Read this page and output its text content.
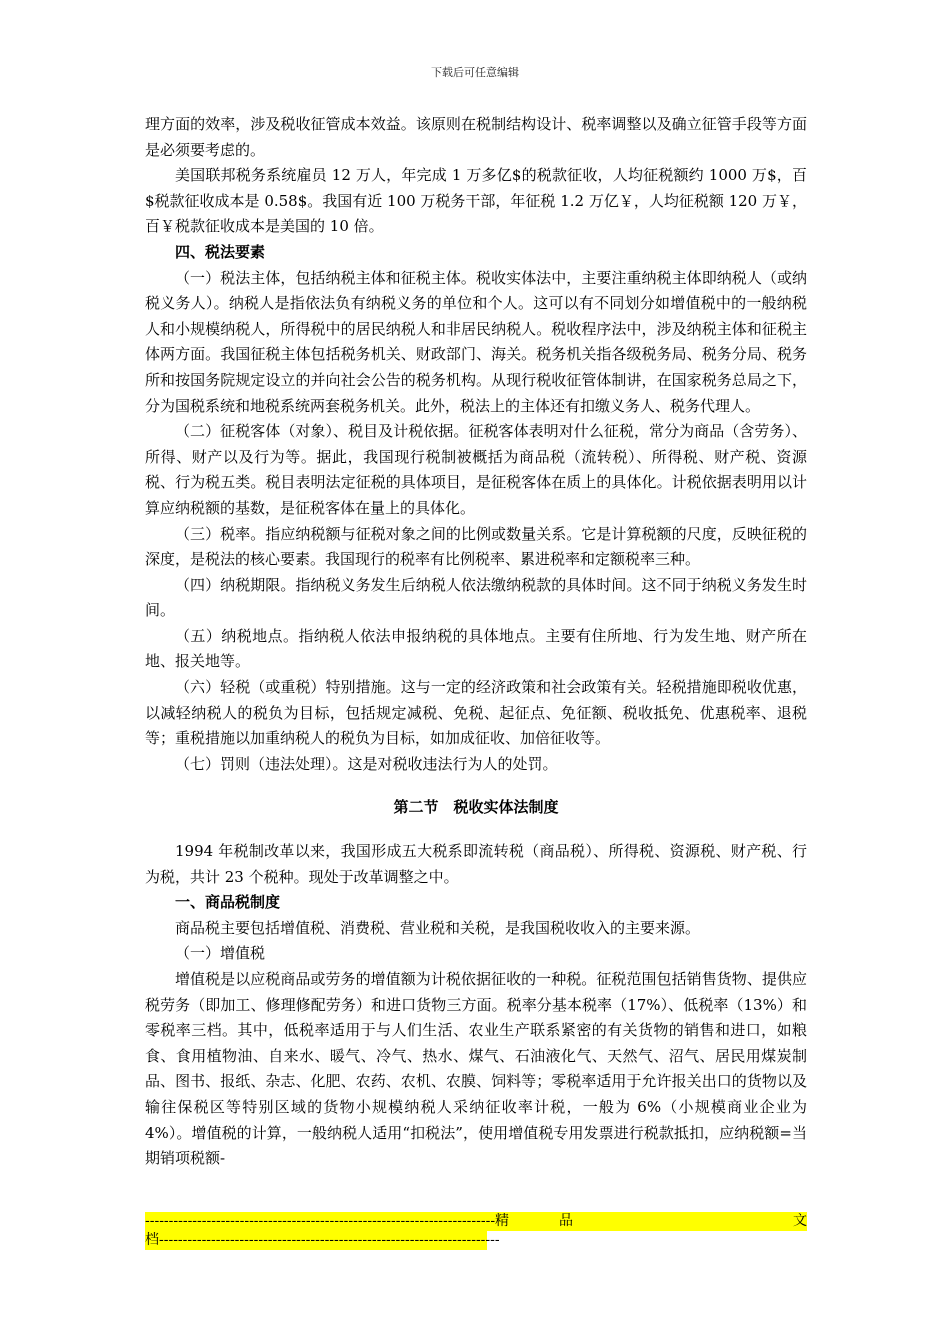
下载后可任意编辑

理方面的效率，涉及税收征管成本效益。该原则在税制结构设计、税率调整以及确立征管手段等方面是必须要考虑的。

美国联邦税务系统雇员 12 万人，年完成 1 万多亿$的税款征收，人均征税额约 1000 万$，百$税款征收成本是 0.58$。我国有近 100 万税务干部，年征税 1.2 万亿￥，人均征税额 120 万￥，百￥税款征收成本是美国的 10 倍。

四、税法要素

（一）税法主体，包括纳税主体和征税主体。税收实体法中，主要注重纳税主体即纳税人（或纳税义务人）。纳税人是指依法负有纳税义务的单位和个人。这可以有不同划分如增值税中的一般纳税人和小规模纳税人，所得税中的居民纳税人和非居民纳税人。税收程序法中，涉及纳税主体和征税主体两方面。我国征税主体包括税务机关、财政部门、海关。税务机关指各级税务局、税务分局、税务所和按国务院规定设立的并向社会公告的税务机构。从现行税收征管体制讲，在国家税务总局之下，分为国税系统和地税系统两套税务机关。此外，税法上的主体还有扣缴义务人、税务代理人。

（二）征税客体（对象）、税目及计税依据。征税客体表明对什么征税，常分为商品（含劳务）、所得、财产以及行为等。据此，我国现行税制被概括为商品税（流转税）、所得税、财产税、资源税、行为税五类。税目表明法定征税的具体项目，是征税客体在质上的具体化。计税依据表明用以计算应纳税额的基数，是征税客体在量上的具体化。

（三）税率。指应纳税额与征税对象之间的比例或数量关系。它是计算税额的尺度，反映征税的深度，是税法的核心要素。我国现行的税率有比例税率、累进税率和定额税率三种。

（四）纳税期限。指纳税义务发生后纳税人依法缴纳税款的具体时间。这不同于纳税义务发生时间。

（五）纳税地点。指纳税人依法申报纳税的具体地点。主要有住所地、行为发生地、财产所在地、报关地等。

（六）轻税（或重税）特别措施。这与一定的经济政策和社会政策有关。轻税措施即税收优惠，以减轻纳税人的税负为目标，包括规定减税、免税、起征点、免征额、税收抵免、优惠税率、退税等；重税措施以加重纳税人的税负为目标，如加成征收、加倍征收等。

（七）罚则（违法处理）。这是对税收违法行为人的处罚。

第二节　税收实体法制度

1994 年税制改革以来，我国形成五大税系即流转税（商品税）、所得税、资源税、财产税、行为税，共计 23 个税种。现处于改革调整之中。

一、商品税制度

商品税主要包括增值税、消费税、营业税和关税，是我国税收收入的主要来源。

（一）增值税

增值税是以应税商品或劳务的增值额为计税依据征收的一种税。征税范围包括销售货物、提供应税劳务（即加工、修理修配劳务）和进口货物三方面。税率分基本税率（17%）、低税率（13%）和零税率三档。其中，低税率适用于与人们生活、农业生产联系紧密的有关货物的销售和进口，如粮食、食用植物油、自来水、暖气、冷气、热水、煤气、石油液化气、天然气、沼气、居民用煤炭制品、图书、报纸、杂志、化肥、农药、农机、农膜、饲料等；零税率适用于允许报关出口的货物以及输往保税区等特别区域的货物小规模纳税人采纳征收率计税，一般为 6%（小规模商业企业为 4%）。增值税的计算，一般纳税人适用“扣税法”，使用增值税专用发票进行税款抵扣，应纳税额=当期销项税额-

-------------------------------------------------------------------------- 精	品	文
档------------------------------------------------------------------------
